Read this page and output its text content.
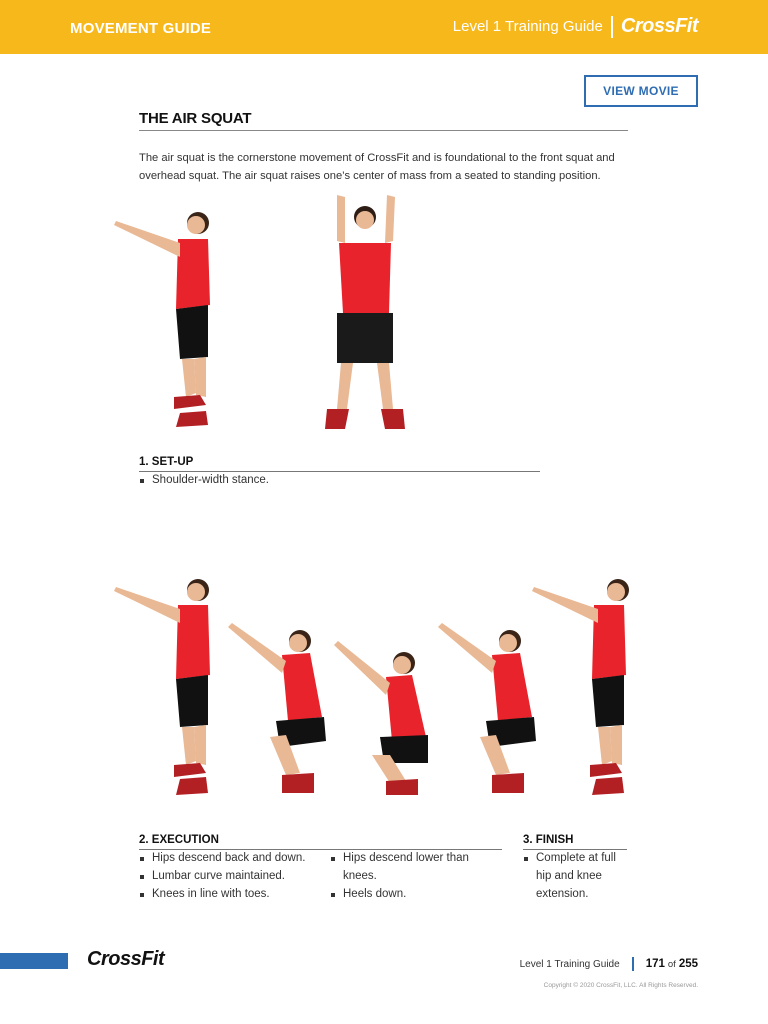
MOVEMENT GUIDE	Level 1 Training Guide CrossFit
VIEW MOVIE
THE AIR SQUAT
The air squat is the cornerstone movement of CrossFit and is foundational to the front squat and overhead squat. The air squat raises one’s center of mass from a seated to standing position.
1. SET-UP
Shoulder-width stance.
2. EXECUTION
Hips descend back and down.
Lumbar curve maintained.
Knees in line with toes.
Hips descend lower than knees.
Heels down.
3. FINISH
Complete at full hip and knee extension.
CrossFit	Level 1 Training Guide 171 of 255
Copyright © 2020 CrossFit, LLC. All Rights Reserved.
